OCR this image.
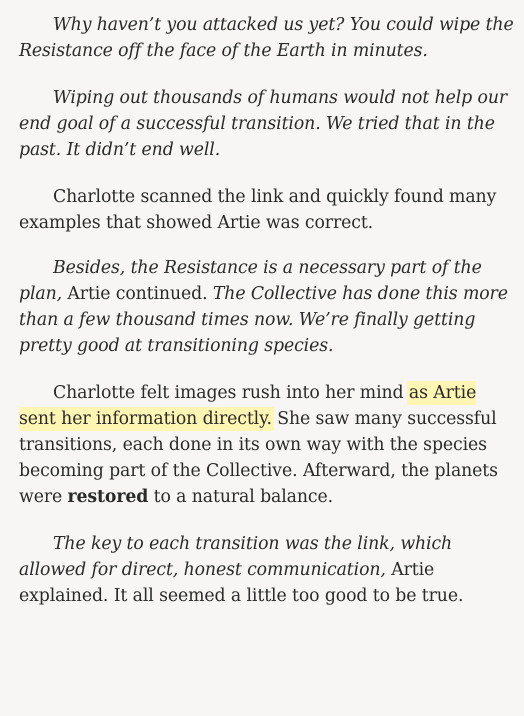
Why haven’t you attacked us yet? You could wipe the Resistance off the face of the Earth in minutes.

Wiping out thousands of humans would not help our end goal of a successful transition. We tried that in the past. It didn’t end well.

Charlotte scanned the link and quickly found many examples that showed Artie was correct.

Besides, the Resistance is a necessary part of the plan, Artie continued. The Collective has done this more than a few thousand times now. We’re finally getting pretty good at transitioning species.

Charlotte felt images rush into her mind as Artie sent her information directly. She saw many successful transitions, each done in its own way with the species becoming part of the Collective. Afterward, the planets were restored to a natural balance.

The key to each transition was the link, which allowed for direct, honest communication, Artie explained. It all seemed a little too good to be true.
